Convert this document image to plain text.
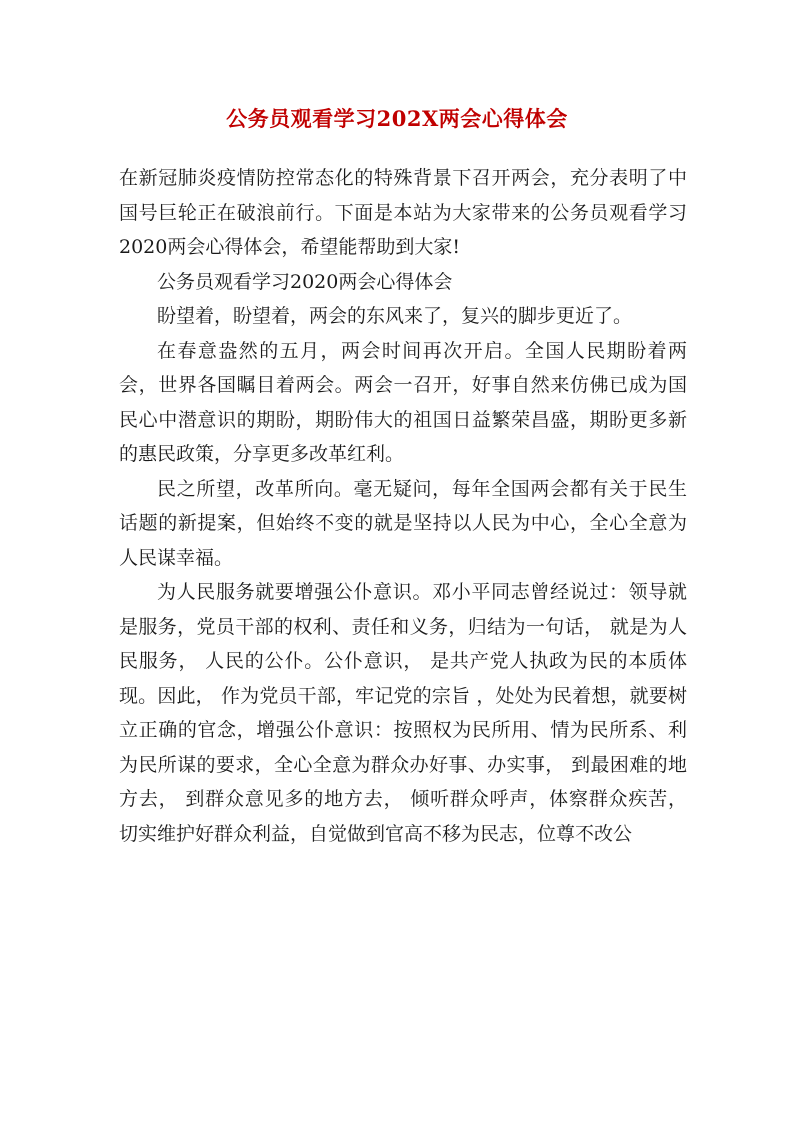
公务员观看学习202X两会心得体会

在新冠肺炎疫情防控常态化的特殊背景下召开两会，充分表明了中国号巨轮正在破浪前行。下面是本站为大家带来的公务员观看学习2020两会心得体会，希望能帮助到大家!

公务员观看学习2020两会心得体会

盼望着，盼望着，两会的东风来了，复兴的脚步更近了。

在春意盎然的五月，两会时间再次开启。全国人民期盼着两会，世界各国瞩目着两会。两会一召开，好事自然来仿佛已成为国民心中潜意识的期盼，期盼伟大的祖国日益繁荣昌盛，期盼更多新的惠民政策，分享更多改革红利。

民之所望，改革所向。毫无疑问，每年全国两会都有关于民生话题的新提案，但始终不变的就是坚持以人民为中心，全心全意为人民谋幸福。

为人民服务就要增强公仆意识。邓小平同志曾经说过：领导就是服务，党员干部的权利、责任和义务，归结为一句话， 就是为人民服务， 人民的公仆。公仆意识， 是共产党人执政为民的本质体现。因此， 作为党员干部，牢记党的宗旨 ，处处为民着想，就要树立正确的官念，增强公仆意识：按照权为民所用、情为民所系、利为民所谋的要求，全心全意为群众办好事、办实事， 到最困难的地方去， 到群众意见多的地方去， 倾听群众呼声，体察群众疾苦， 切实维护好群众利益，自觉做到官高不移为民志，位尊不改公
